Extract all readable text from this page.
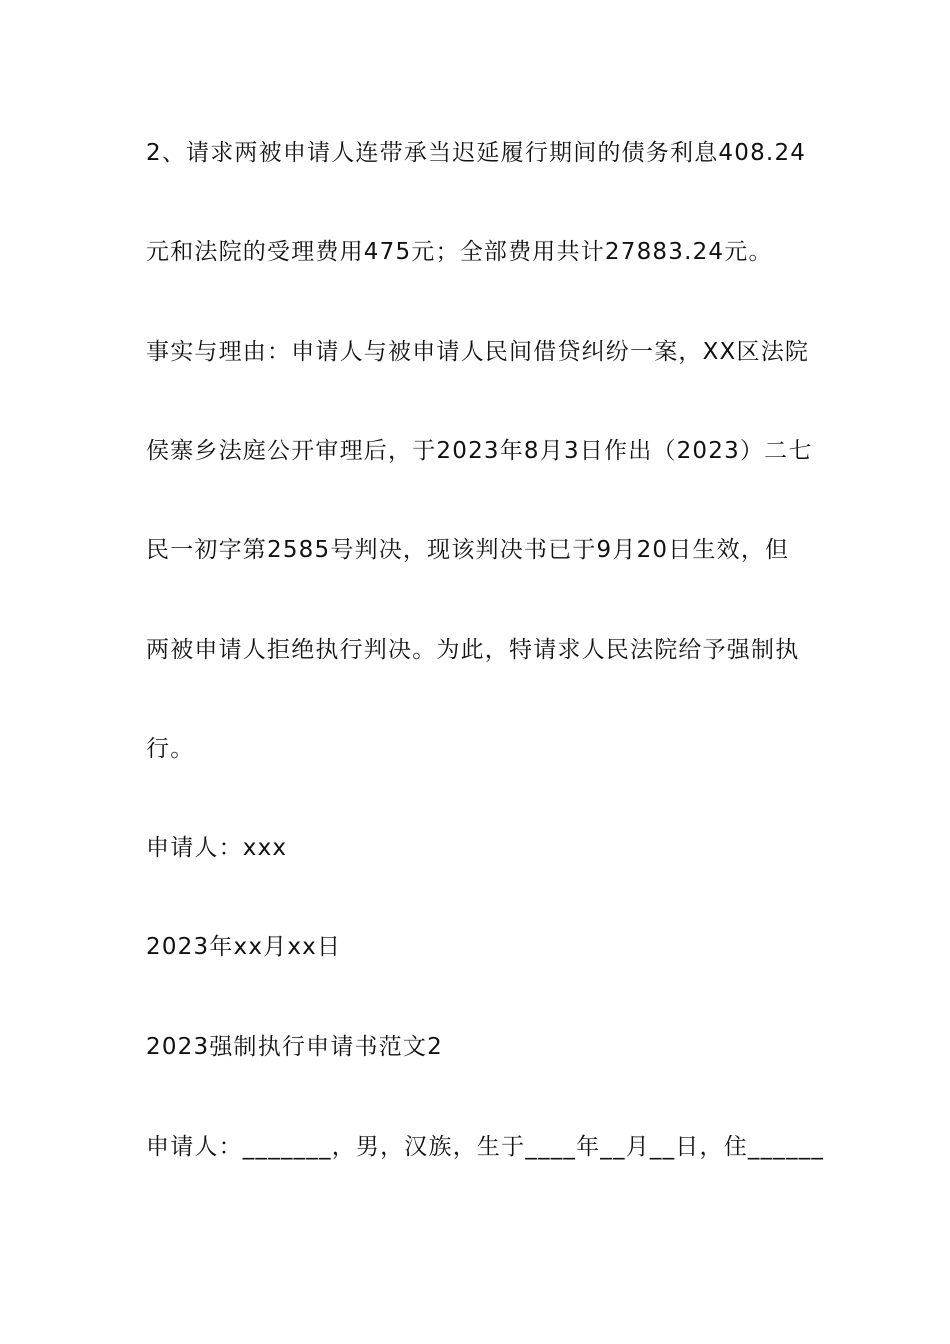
2、请求两被申请人连带承当迟延履行期间的债务利息408.24

元和法院的受理费用475元；全部费用共计27883.24元。

事实与理由：申请人与被申请人民间借贷纠纷一案，XX区法院

侯寨乡法庭公开审理后，于2023年8月3日作出（2023）二七

民一初字第2585号判决，现该判决书已于9月20日生效，但

两被申请人拒绝执行判决。为此，特请求人民法院给予强制执

行。

申请人：xxx

2023年xx月xx日

2023强制执行申请书范文2

申请人：_______，男，汉族，生于____年__月__日，住______
